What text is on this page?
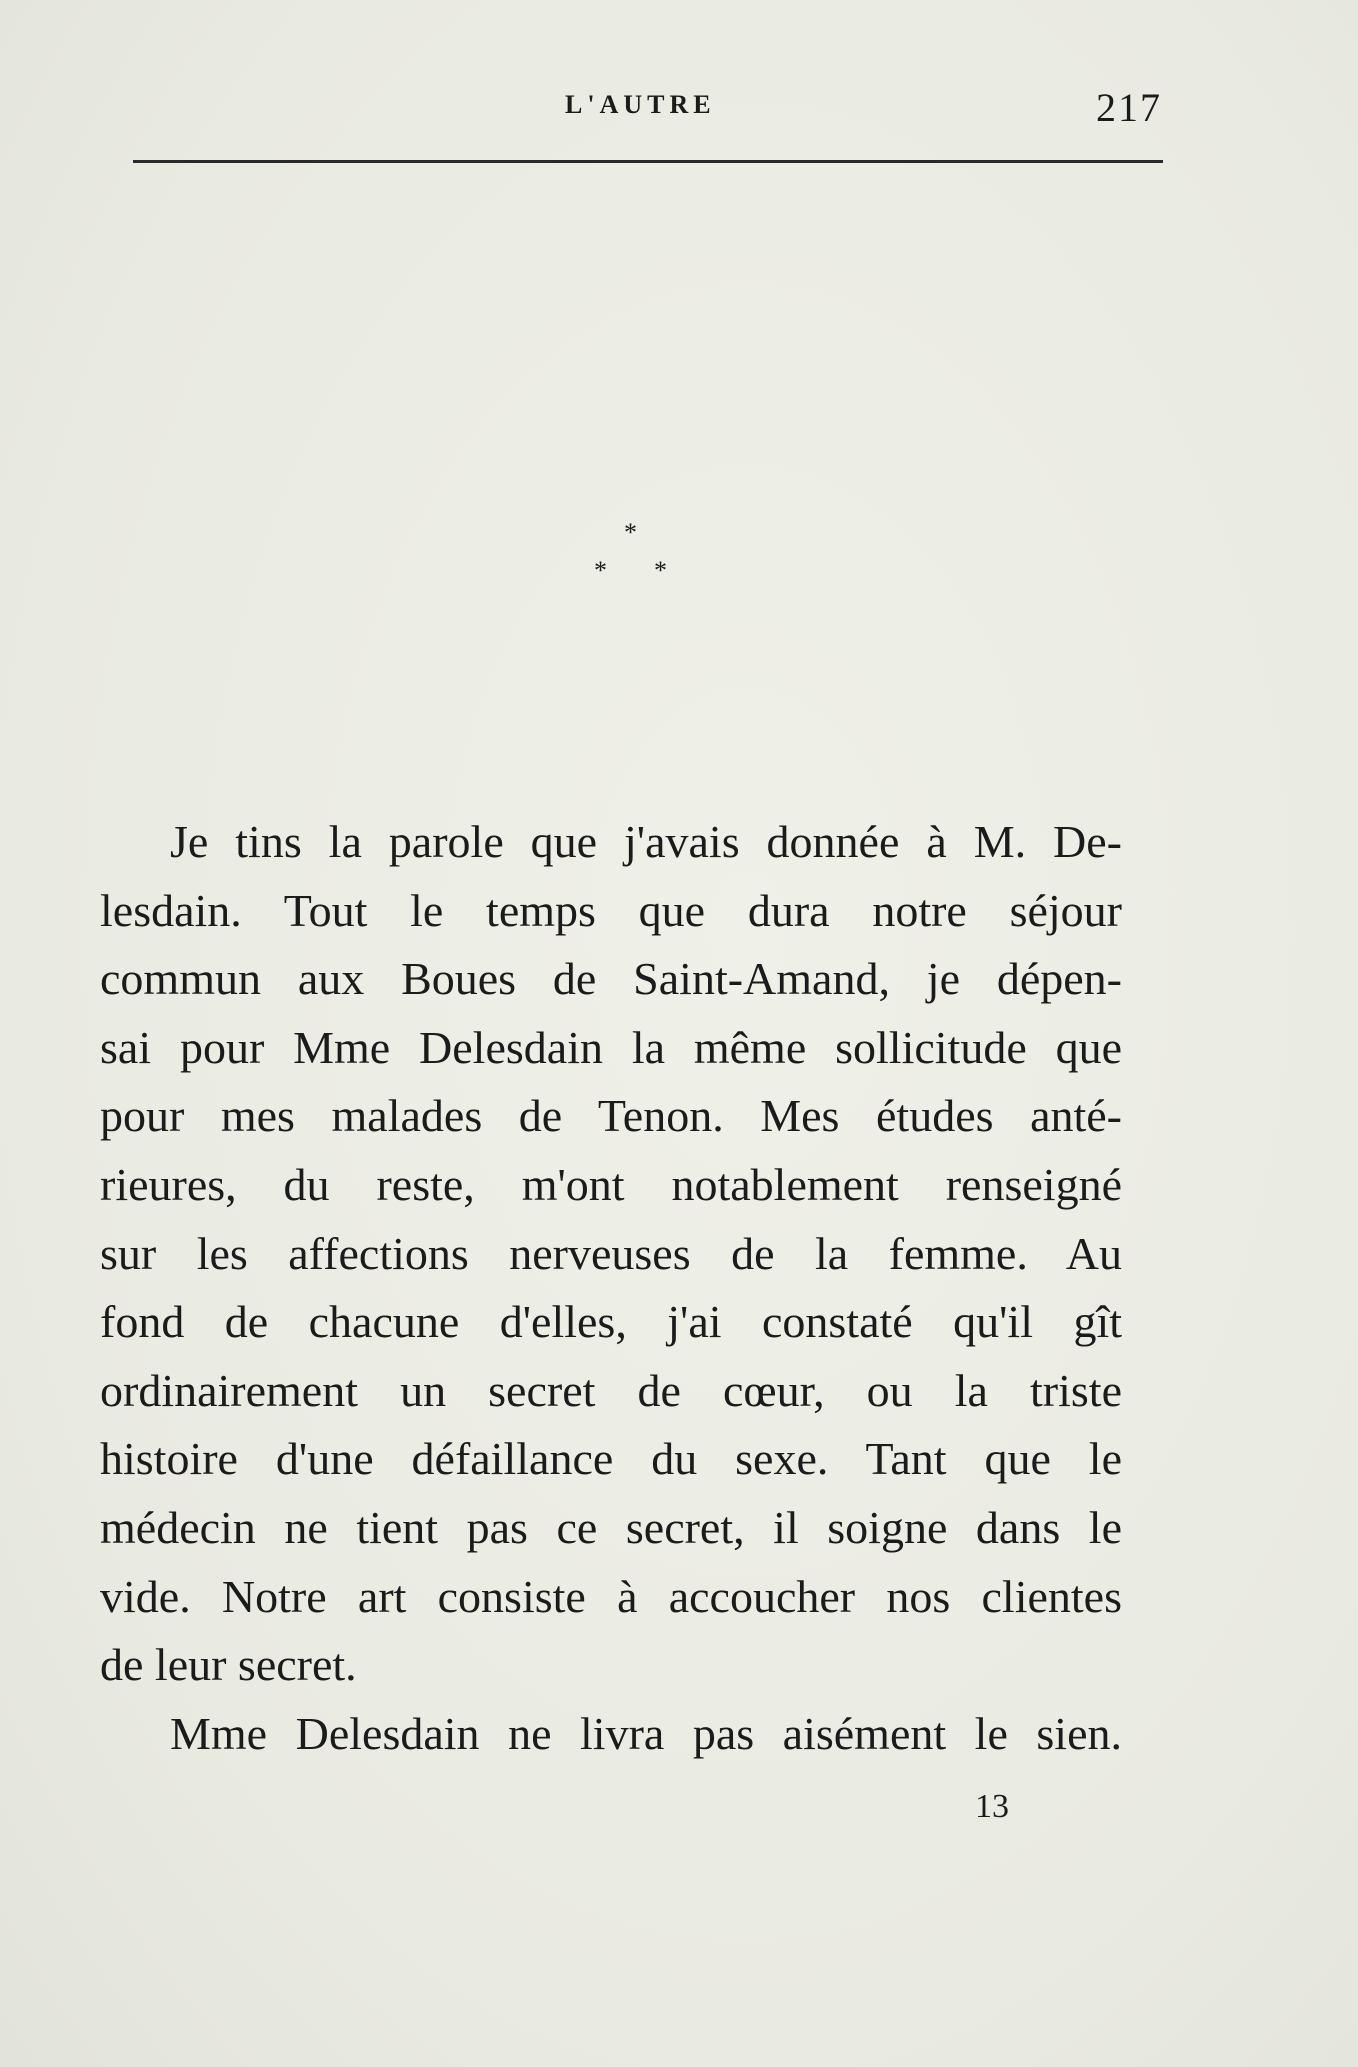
L'AUTRE	217
*
* *
Je tins la parole que j'avais donnée à M. De-
lesdain. Tout le temps que dura notre séjour
commun aux Boues de Saint-Amand, je dépen-
sai pour Mme Delesdain la même sollicitude que
pour mes malades de Tenon. Mes études anté-
rieures, du reste, m'ont notablement renseigné
sur les affections nerveuses de la femme. Au
fond de chacune d'elles, j'ai constaté qu'il gît
ordinairement un secret de cœur, ou la triste
histoire d'une défaillance du sexe. Tant que le
médecin ne tient pas ce secret, il soigne dans le
vide. Notre art consiste à accoucher nos clientes
de leur secret.
Mme Delesdain ne livra pas aisément le sien.
13
